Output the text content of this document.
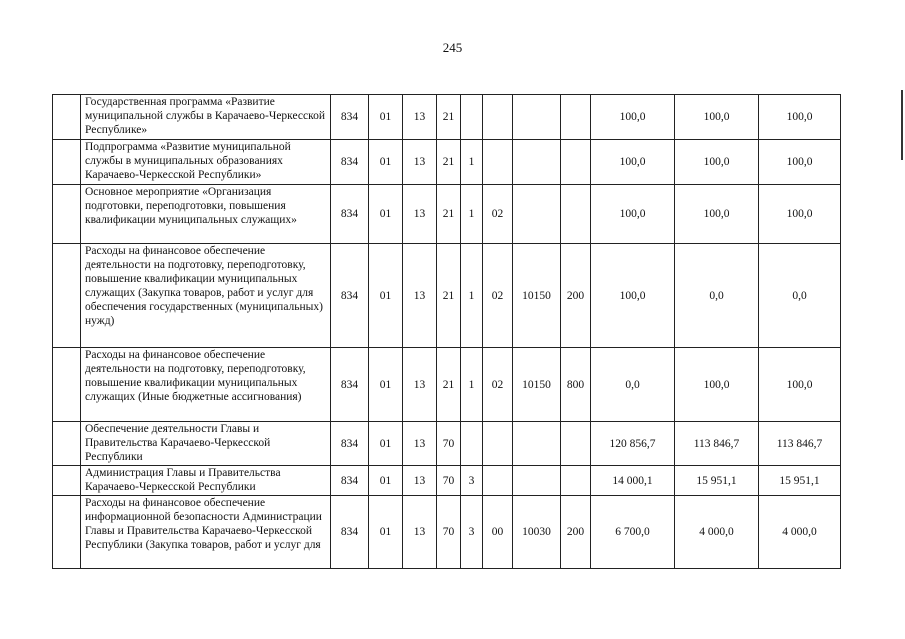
245
	Государственная программа «Развитие муниципальной службы в Карачаево-Черкесской Республике»	834	01	13	21					100,0	100,0	100,0
	Подпрограмма «Развитие муниципальной службы в муниципальных образованиях Карачаево-Черкесской Республики»	834	01	13	21	1				100,0	100,0	100,0
	Основное мероприятие «Организация подготовки, переподготовки, повышения квалификации муниципальных служащих»	834	01	13	21	1	02			100,0	100,0	100,0
	Расходы на финансовое обеспечение деятельности на подготовку, переподготовку, повышение квалификации муниципальных служащих (Закупка товаров, работ и услуг для обеспечения государственных (муниципальных) нужд)	834	01	13	21	1	02	10150	200	100,0	0,0	0,0
	Расходы на финансовое обеспечение деятельности на подготовку, переподготовку, повышение квалификации муниципальных служащих (Иные бюджетные ассигнования)	834	01	13	21	1	02	10150	800	0,0	100,0	100,0
	Обеспечение деятельности Главы и Правительства Карачаево-Черкесской Республики	834	01	13	70					120 856,7	113 846,7	113 846,7
	Администрация Главы и Правительства Карачаево-Черкесской Республики	834	01	13	70	3				14 000,1	15 951,1	15 951,1
	Расходы на финансовое обеспечение информационной безопасности Администрации Главы и Правительства Карачаево-Черкесской Республики (Закупка товаров, работ и услуг для	834	01	13	70	3	00	10030	200	6 700,0	4 000,0	4 000,0
